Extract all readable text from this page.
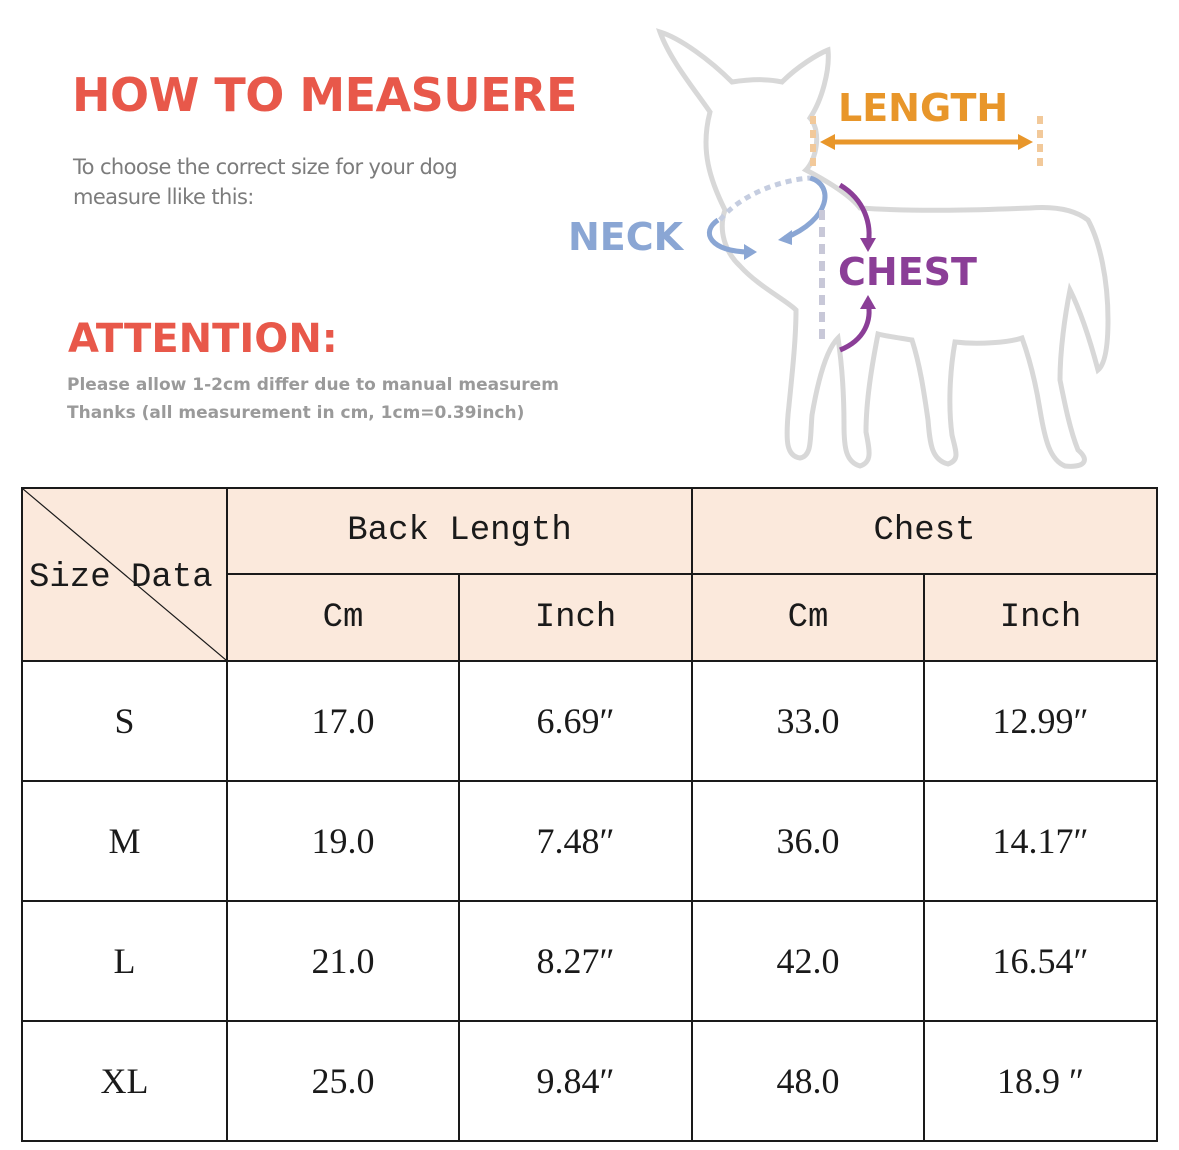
HOW TO MEASUERE
To choose the correct size for your dog
measure llike this:
ATTENTION:
Please allow 1-2cm differ due to manual measurem
Thanks (all measurement in cm, 1cm=0.39inch)
LENGTH
NECK
CHEST
Size Data	Back Length		Chest	
	Cm	Inch	Cm	Inch
S	17.0	6.69″	33.0	12.99″
M	19.0	7.48″	36.0	14.17″
L	21.0	8.27″	42.0	16.54″
XL	25.0	9.84″	48.0	18.9 ″
